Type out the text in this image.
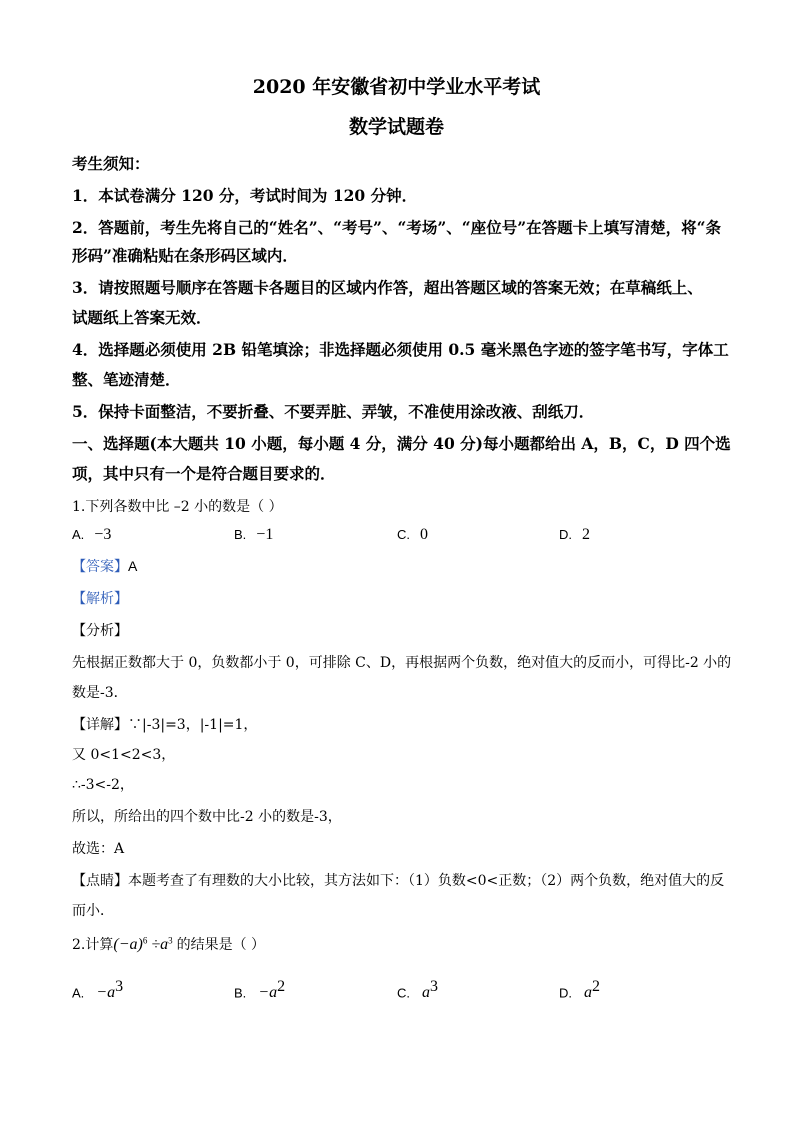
2020 年安徽省初中学业水平考试
数学试题卷
考生须知：
1．本试卷满分 120 分，考试时间为 120 分钟．
2．答题前，考生先将自己的“姓名”、“考号”、“考场”、“座位号”在答题卡上填写清楚，将“条
形码”准确粘贴在条形码区域内．
3．请按照题号顺序在答题卡各题目的区域内作答，超出答题区域的答案无效；在草稿纸上、
试题纸上答案无效．
4．选择题必须使用 2B 铅笔填涂；非选择题必须使用 0.5 毫米黑色字迹的签字笔书写，字体工
整、笔迹清楚．
5．保持卡面整洁，不要折叠、不要弄脏、弄皱，不准使用涂改液、刮纸刀．
一、选择题(本大题共 10 小题，每小题 4 分，满分 40 分)每小题都给出 A，B，C，D 四个选
项，其中只有一个是符合题目要求的．
1.下列各数中比 –2 小的数是（ ）
A. −3	B. −1	C. 0	D. 2
【答案】A
【解析】
【分析】
先根据正数都大于 0，负数都小于 0，可排除 C、D，再根据两个负数，绝对值大的反而小，可得比-2 小的
数是-3．
【详解】∵|-3|=3，|-1|=1，
又 0<1<2<3，
∴-3<-2，
所以，所给出的四个数中比-2 小的数是-3，
故选：A
【点睛】本题考查了有理数的大小比较，其方法如下：（1）负数<0<正数；（2）两个负数，绝对值大的反
而小．
2.计算$(-a)^6 \div a^3$ 的结果是（ ）
A. $-a^3$	B. $-a^2$	C. $a^3$	D. $a^2$
